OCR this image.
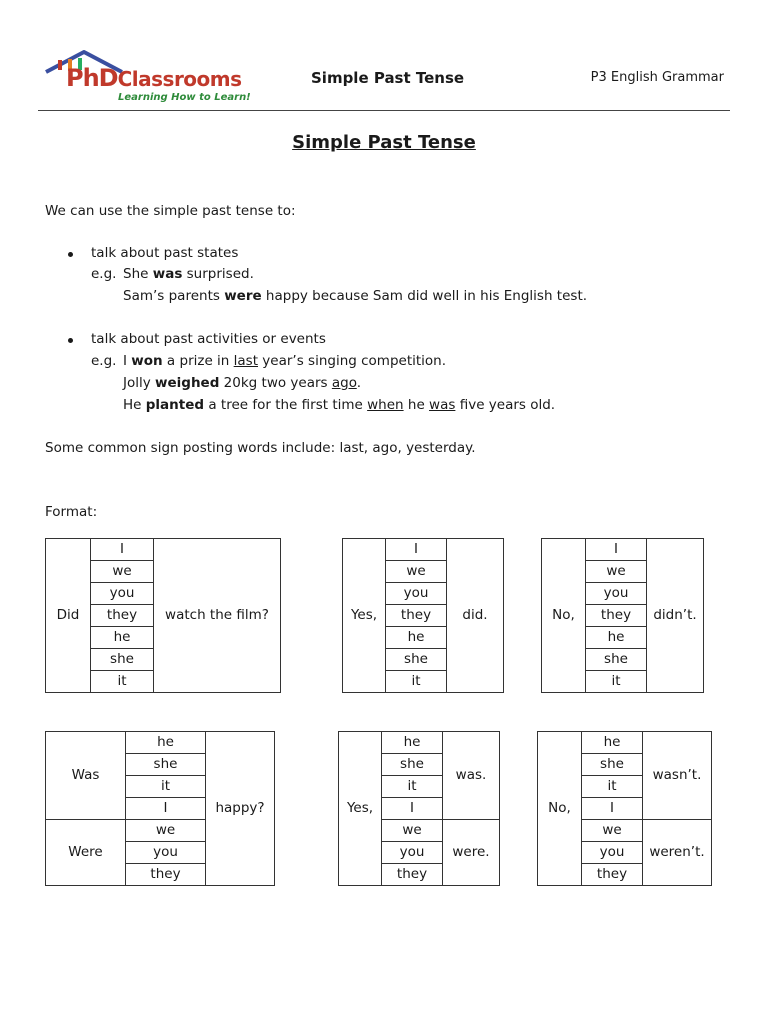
PhDClassrooms
Learning How to Learn!
Simple Past Tense	P3 English Grammar
Simple Past Tense
We can use the simple past tense to:
talk about past states
e.g. She was surprised.
Sam’s parents were happy because Sam did well in his English test.
talk about past activities or events
e.g. I won a prize in last year’s singing competition.
Jolly weighed 20kg two years ago.
He planted a tree for the first time when he was five years old.
Some common sign posting words include: last, ago, yesterday.
Format:
Did	I	watch the film?
we
you
they
he
she
it
Yes,	I	did.
we
you
they
he
she
it
No,	I	didn’t.
we
you
they
he
she
it
Was	he	happy?
	she	
	it	
	I	
Were	we	
	you	
	they	
Yes,	he	was.
	she	
	it	
	I	
	we	were.
	you	
	they	
No,	he	wasn’t.
	she	
	it	
	I	
	we	weren’t.
	you	
	they	
